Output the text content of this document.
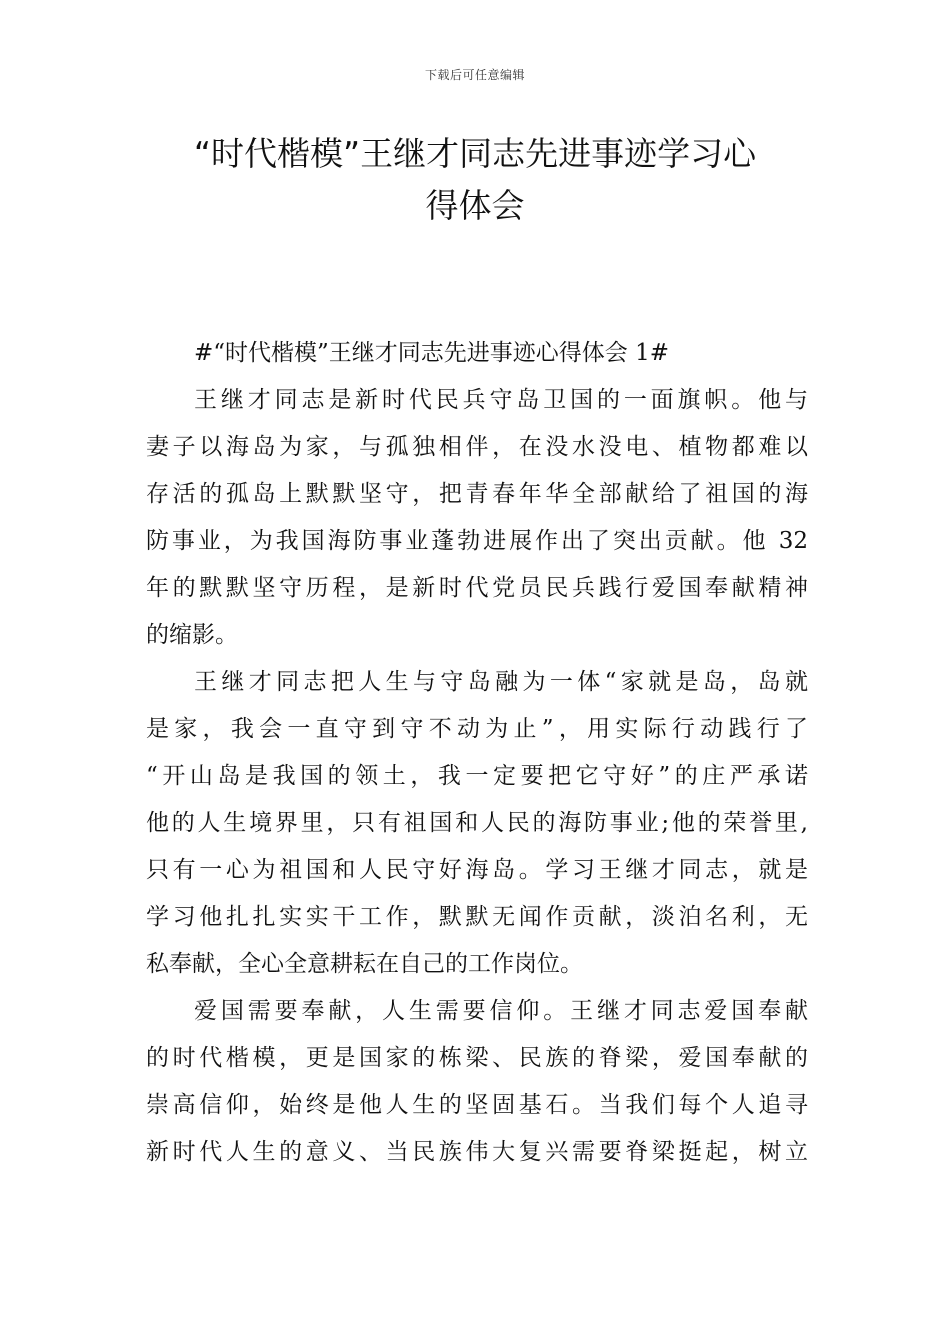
下载后可任意编辑
“时代楷模”王继才同志先进事迹学习心
得体会
#“时代楷模”王继才同志先进事迹心得体会 1#
王继才同志是新时代民兵守岛卫国的一面旗帜。他与
妻子以海岛为家，与孤独相伴，在没水没电、植物都难以
存活的孤岛上默默坚守，把青春年华全部献给了祖国的海
防事业，为我国海防事业蓬勃进展作出了突出贡献。他 32
年的默默坚守历程，是新时代党员民兵践行爱国奉献精神
的缩影。
王继才同志把人生与守岛融为一体“家就是岛，岛就
是家，我会一直守到守不动为止”，用实际行动践行了
“开山岛是我国的领土，我一定要把它守好”的庄严承诺
他的人生境界里，只有祖国和人民的海防事业;他的荣誉里,
只有一心为祖国和人民守好海岛。学习王继才同志，就是
学习他扎扎实实干工作，默默无闻作贡献，淡泊名利，无
私奉献，全心全意耕耘在自己的工作岗位。
爱国需要奉献，人生需要信仰。王继才同志爱国奉献
的时代楷模，更是国家的栋梁、民族的脊梁，爱国奉献的
崇高信仰，始终是他人生的坚固基石。当我们每个人追寻
新时代人生的意义、当民族伟大复兴需要脊梁挺起，树立
